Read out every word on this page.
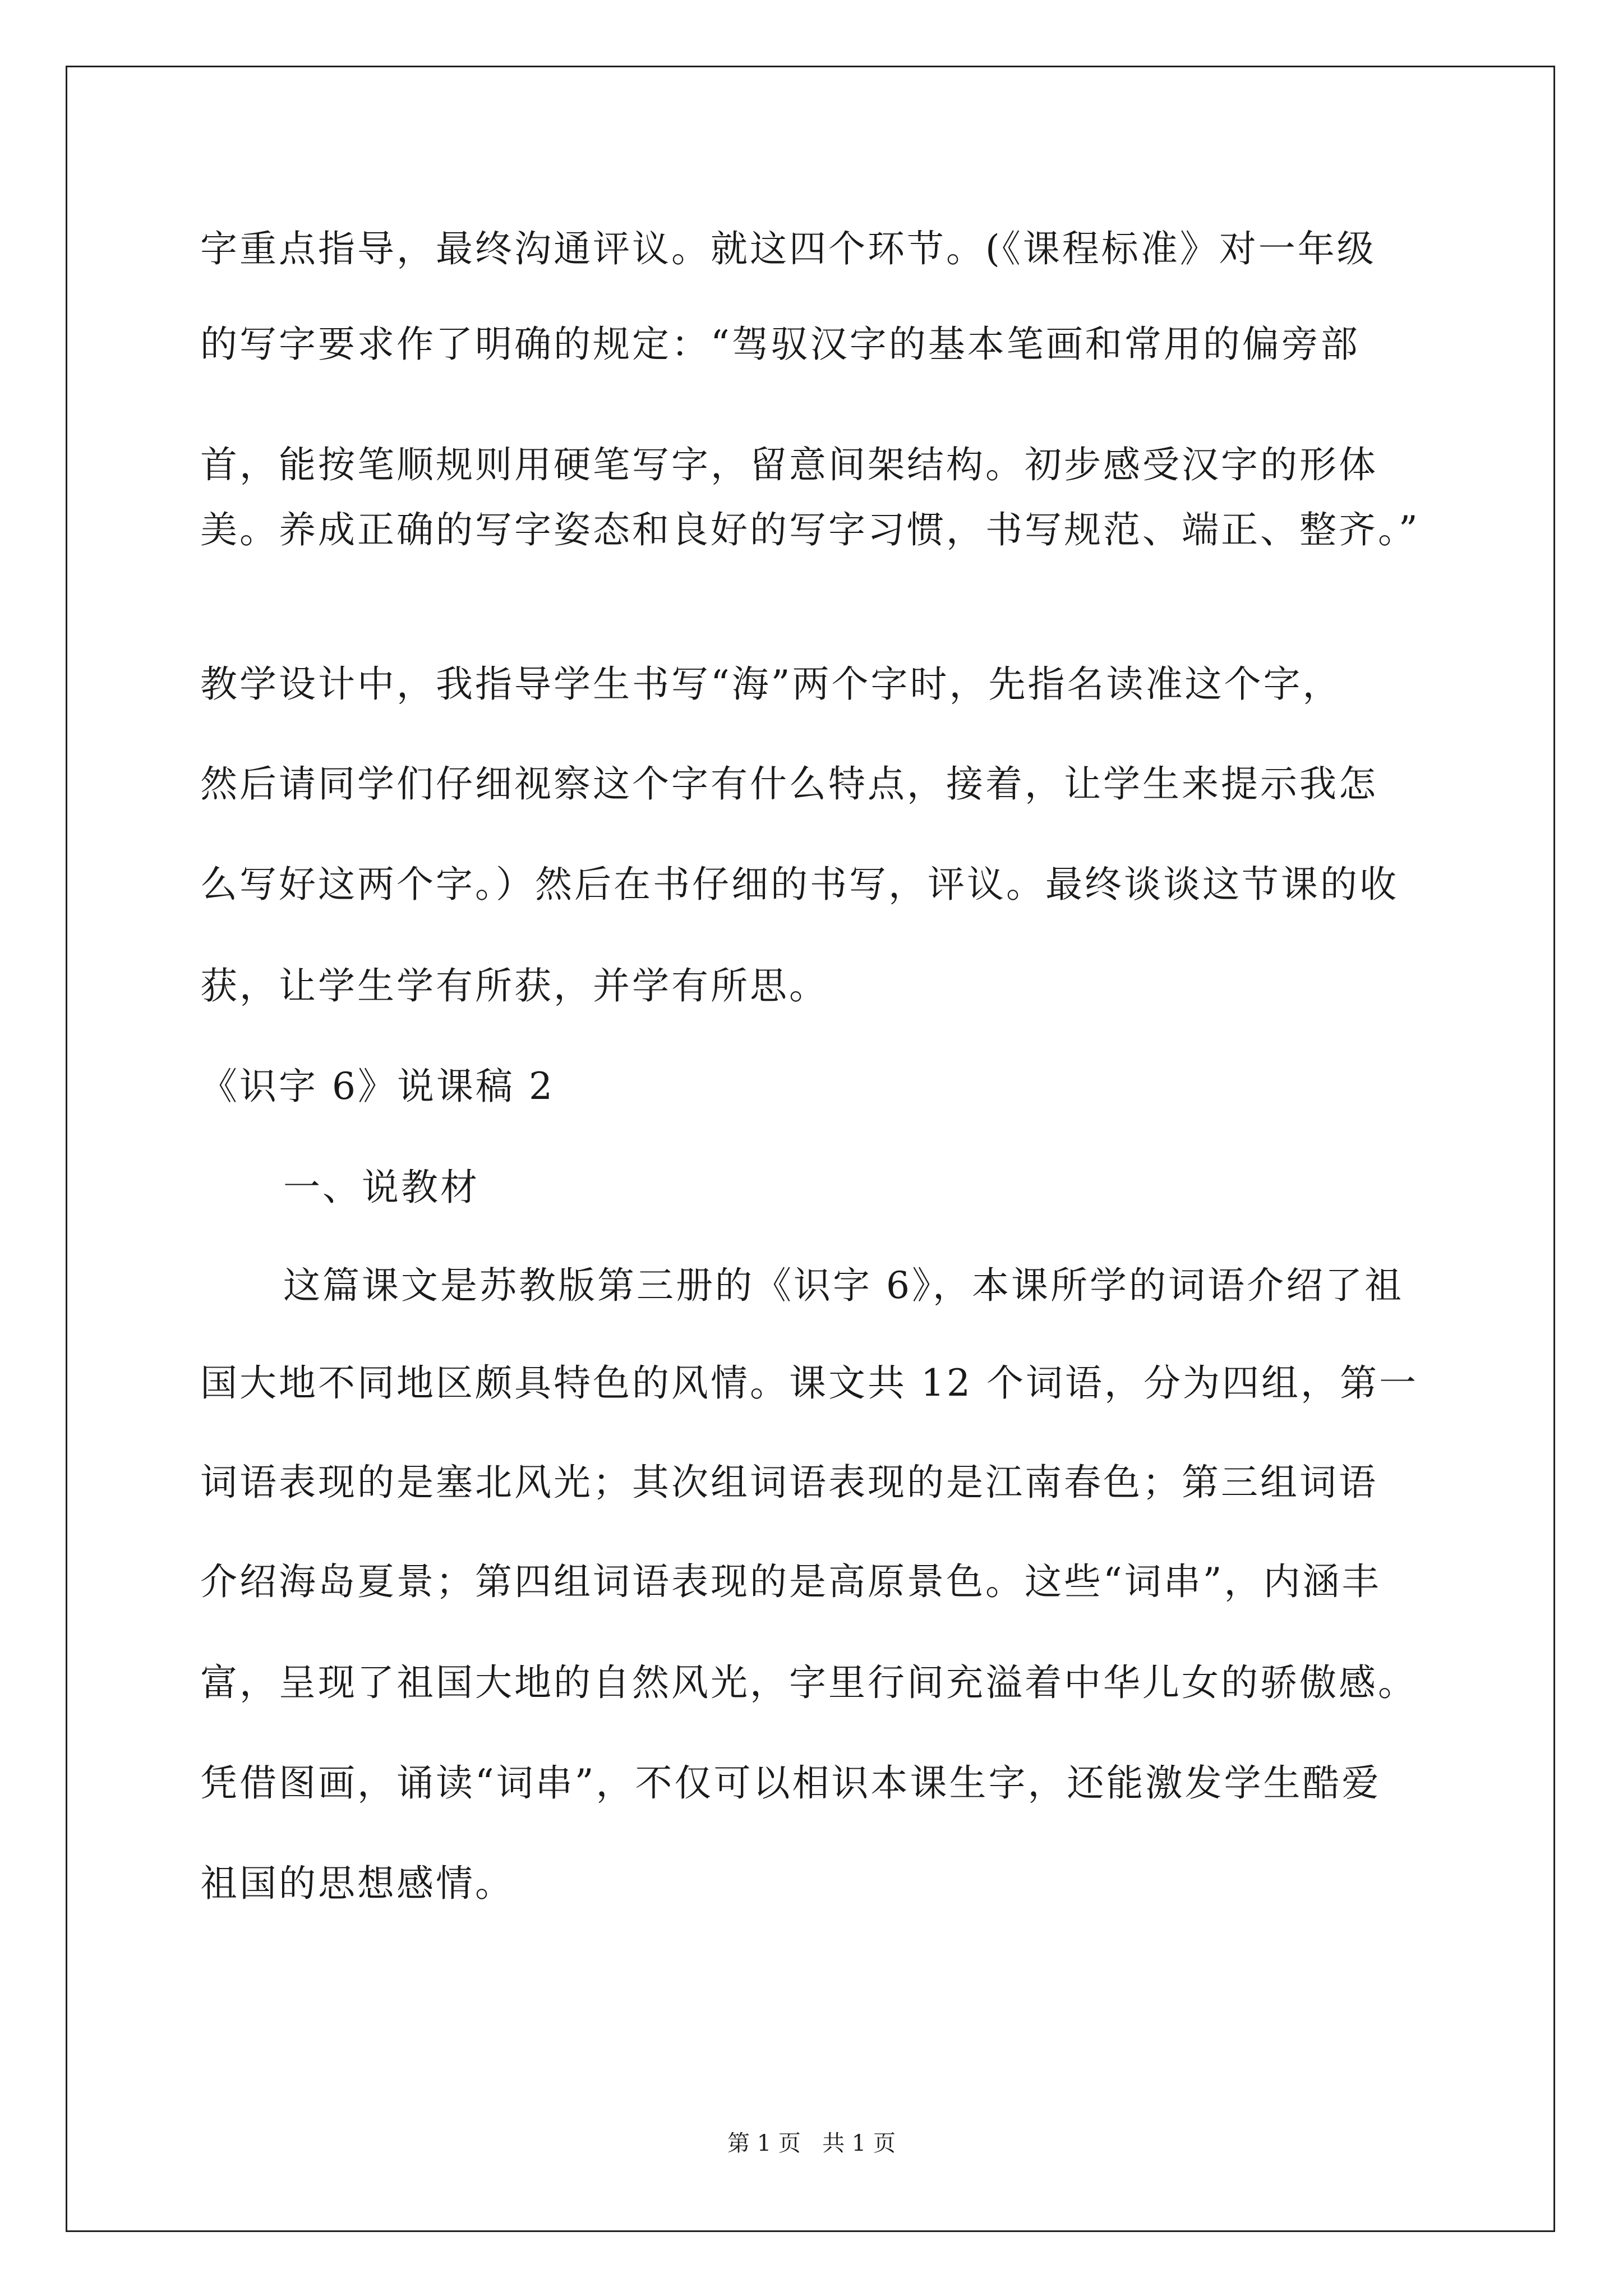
字重点指导，最终沟通评议。就这四个环节。(《课程标准》对一年级
的写字要求作了明确的规定：“驾驭汉字的基本笔画和常用的偏旁部
首，能按笔顺规则用硬笔写字，留意间架结构。初步感受汉字的形体
美。养成正确的写字姿态和良好的写字习惯，书写规范、端正、整齐。”
教学设计中，我指导学生书写“海”两个字时，先指名读准这个字，
然后请同学们仔细视察这个字有什么特点，接着，让学生来提示我怎
么写好这两个字。）然后在书仔细的书写，评议。最终谈谈这节课的收
获，让学生学有所获，并学有所思。
《识字 6》说课稿 2
一、说教材
这篇课文是苏教版第三册的《识字 6》，本课所学的词语介绍了祖
国大地不同地区颇具特色的风情。课文共 12 个词语，分为四组，第一
词语表现的是塞北风光；其次组词语表现的是江南春色；第三组词语
介绍海岛夏景；第四组词语表现的是高原景色。这些“词串”，内涵丰
富，呈现了祖国大地的自然风光，字里行间充溢着中华儿女的骄傲感。
凭借图画，诵读“词串”，不仅可以相识本课生字，还能激发学生酷爱
祖国的思想感情。
第 1 页   共 1 页
